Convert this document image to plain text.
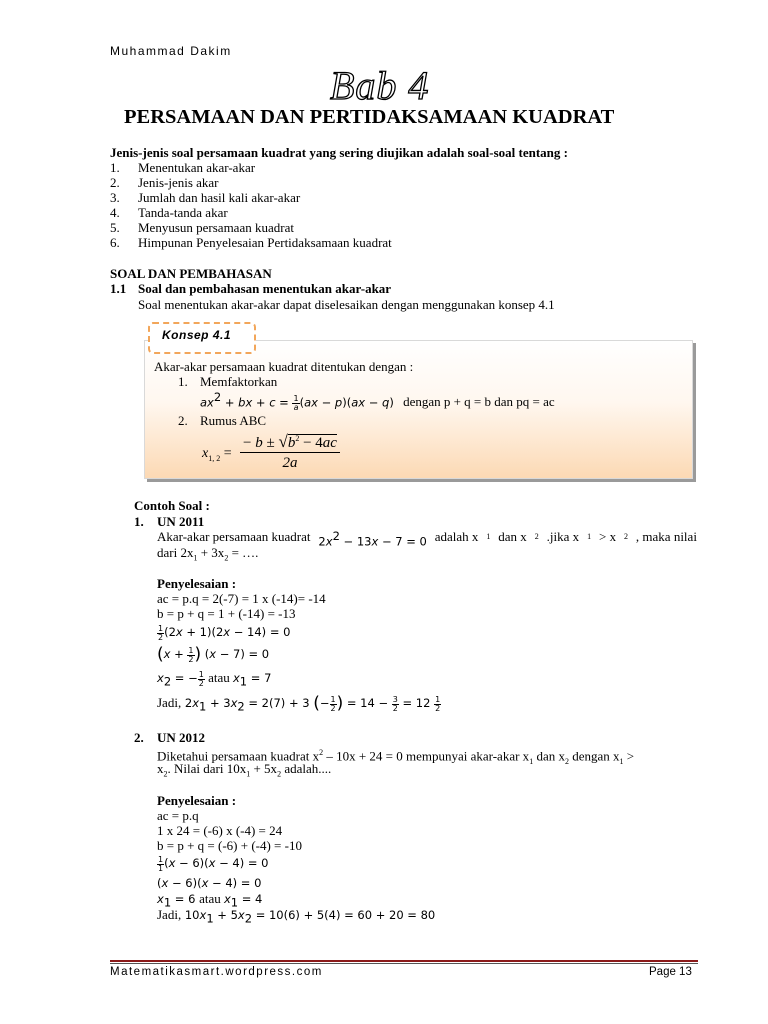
Muhammad Dakim
Bab 4
PERSAMAAN DAN PERTIDAKSAMAAN KUADRAT
Jenis-jenis soal persamaan kuadrat yang sering diujikan adalah soal-soal tentang :
1. Menentukan akar-akar
2. Jenis-jenis akar
3. Jumlah dan hasil kali akar-akar
4. Tanda-tanda akar
5. Menyusun persamaan kuadrat
6. Himpunan Penyelesaian Pertidaksamaan kuadrat
SOAL DAN PEMBAHASAN
1.1 Soal dan pembahasan menentukan akar-akar
Soal menentukan akar-akar dapat diselesaikan dengan menggunakan konsep 4.1
Konsep 4.1
Akar-akar persamaan kuadrat ditentukan dengan :
1. Memfaktorkan
$ax^2$ + bx + $c = \frac{1}{a} (ax - p)(ax - q)$ dengan p + q = b dan pq = ac
2. Rumus ABC
$x_{1, 2}$ =
− $b \pm √b^2 - 4ac$
2a
Contoh Soal :
1. UN 2011
Akar-akar persamaan kuadrat $2x^2 - 13x - 7 = 0$ adalah x 1 dan x 2 .jika x 1 > x 2 , maka nilai
dari $2x_1 + 3x_2$ = ….
Penyelesaian :
ac = p.q = 2(-7) = 1 x (-14)= -14
b = p + q = 1 + (-14) = -13
$\frac{1}{2} (2x + 1)(2x - 14) = 0$
($x + \frac{1}{2}$ ) (x − 7) = 0
$x_2$ = − $\frac{1}{2}$ atau $x_1 = 7$
Jadi, $2x_1 + 3x_2 = 2(7) + 3$ (− $\frac{1}{2}$ ) = $14 - \frac{3}{2} = 12 \frac{1}{2}$
2. UN 2012
Diketahui persamaan kuadrat $x^2 - 10x + 24 = 0$ mempunyai akar-akar $x_1$ dan $x_2$ dengan $x_1$ >
$x_2$. Nilai dari $10x_1 + 5x_2$ adalah....
Penyelesaian :
ac = p.q
1 x 24 = (-6) x (-4) = 24
b = p + q = (-6) + (-4) = -10
$\frac{1}{1} (x - 6)(x - 4) = 0$
(x − 6)(x − 4) = 0
$x_1 = 6$ atau $x_1 = 4$
Jadi, $10x_1 + 5x_2 = 10(6) + 5(4) = 60 + 20 = 80$
Matematikasmart.wordpress.com	Page 13
